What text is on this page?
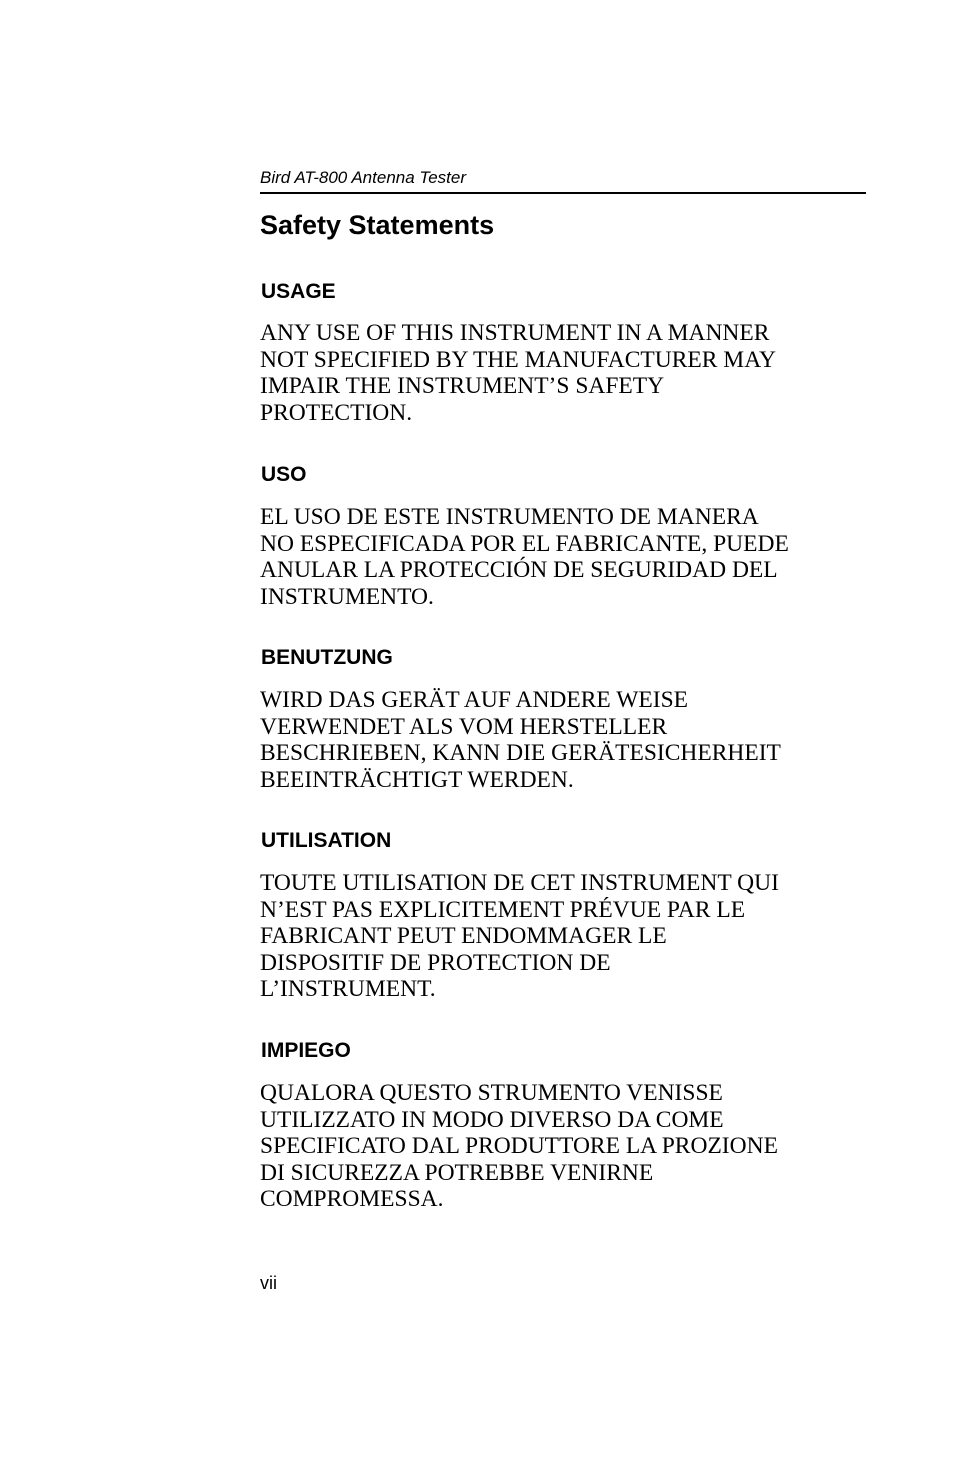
Bird AT-800 Antenna Tester
Safety Statements
USAGE

ANY USE OF THIS INSTRUMENT IN A MANNER
NOT SPECIFIED BY THE MANUFACTURER MAY
IMPAIR THE INSTRUMENT’S SAFETY
PROTECTION.

USO

EL USO DE ESTE INSTRUMENTO DE MANERA
NO ESPECIFICADA POR EL FABRICANTE, PUEDE
ANULAR LA PROTECCIÓN DE SEGURIDAD DEL
INSTRUMENTO.

BENUTZUNG

WIRD DAS GERÄT AUF ANDERE WEISE
VERWENDET ALS VOM HERSTELLER
BESCHRIEBEN, KANN DIE GERÄTESICHERHEIT
BEEINTRÄCHTIGT WERDEN.

UTILISATION

TOUTE UTILISATION DE CET INSTRUMENT QUI
N’EST PAS EXPLICITEMENT PRÉVUE PAR LE
FABRICANT PEUT ENDOMMAGER LE
DISPOSITIF DE PROTECTION DE
L’INSTRUMENT.

IMPIEGO

QUALORA QUESTO STRUMENTO VENISSE
UTILIZZATO IN MODO DIVERSO DA COME
SPECIFICATO DAL PRODUTTORE LA PROZIONE
DI SICUREZZA POTREBBE VENIRNE
COMPROMESSA.

vii
